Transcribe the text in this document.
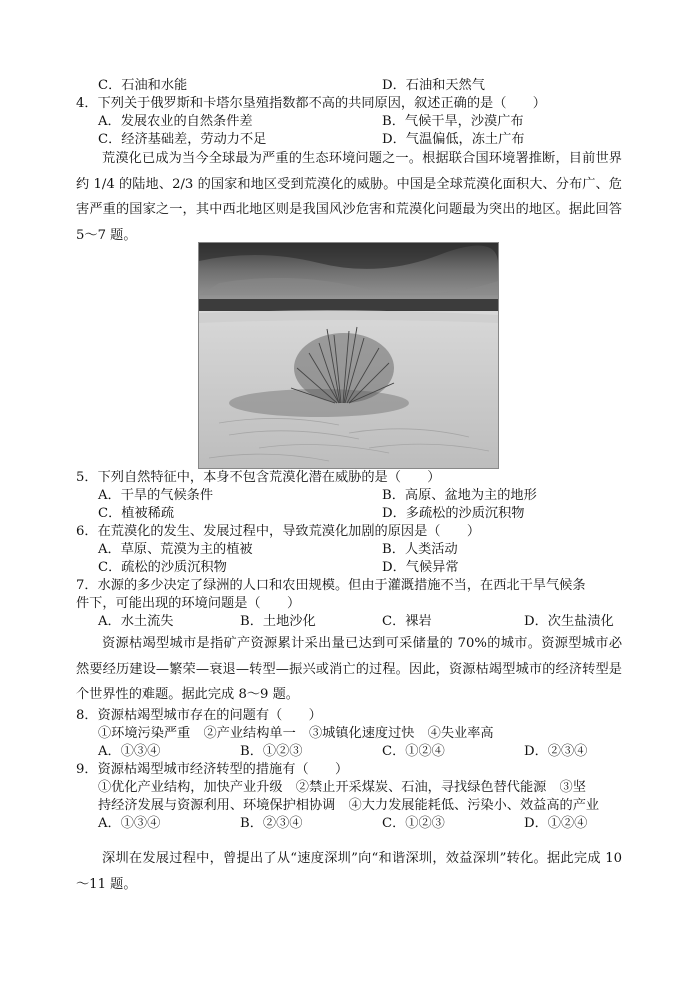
C．石油和水能	D．石油和天然气
4．下列关于俄罗斯和卡塔尔垦殖指数都不高的共同原因，叙述正确的是（　　）
A．发展农业的自然条件差	B．气候干旱，沙漠广布
C．经济基础差，劳动力不足	D．气温偏低，冻土广布
荒漠化已成为当今全球最为严重的生态环境问题之一。根据联合国环境署推断，目前世界约 1/4 的陆地、2/3 的国家和地区受到荒漠化的威胁。中国是全球荒漠化面积大、分布广、危害严重的国家之一，其中西北地区则是我国风沙危害和荒漠化问题最为突出的地区。据此回答 5～7 题。
5．下列自然特征中，本身不包含荒漠化潜在威胁的是（　　）
A．干旱的气候条件	B．高原、盆地为主的地形
C．植被稀疏	D．多疏松的沙质沉积物
6．在荒漠化的发生、发展过程中，导致荒漠化加剧的原因是（　　）
A．草原、荒漠为主的植被	B．人类活动
C．疏松的沙质沉积物	D．气候异常
7．水源的多少决定了绿洲的人口和农田规模。但由于灌溉措施不当，在西北干旱气候条
件下，可能出现的环境问题是（　　）
A．水土流失	B．土地沙化	C．裸岩	D．次生盐渍化
资源枯竭型城市是指矿产资源累计采出量已达到可采储量的 70%的城市。资源型城市必然要经历建设—繁荣—衰退—转型—振兴或消亡的过程。因此，资源枯竭型城市的经济转型是个世界性的难题。据此完成 8～9 题。
8．资源枯竭型城市存在的问题有（　　）
①环境污染严重　②产业结构单一　③城镇化速度过快　④失业率高
A．①③④	B．①②③	C．①②④	D．②③④
9．资源枯竭型城市经济转型的措施有（　　）
①优化产业结构，加快产业升级　②禁止开采煤炭、石油，寻找绿色替代能源　③坚
持经济发展与资源利用、环境保护相协调　④大力发展能耗低、污染小、效益高的产业
A．①③④	B．②③④	C．①②③	D．①②④
深圳在发展过程中，曾提出了从“速度深圳”向“和谐深圳，效益深圳”转化。据此完成 10～11 题。
